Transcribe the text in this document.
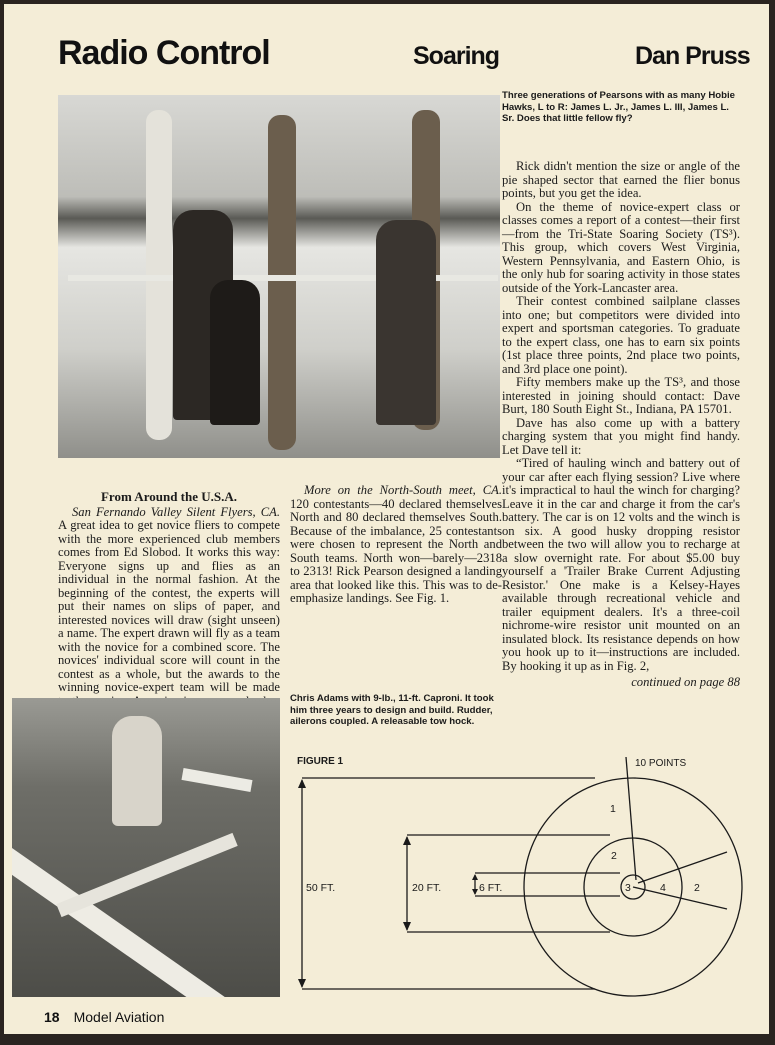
Radio Control	Soaring	Dan Pruss
Three generations of Pearsons with as many Hobie Hawks, L to R: James L. Jr., James L. III, James L. Sr. Does that little fellow fly?
From Around the U.S.A.

San Fernando Valley Silent Flyers, CA. A great idea to get novice fliers to compete with the more experienced club members comes from Ed Slobod. It works this way: Everyone signs up and flies as an individual in the normal fashion. At the beginning of the contest, the experts will put their names on slips of paper, and interested novices will draw (sight unseen) a name. The expert drawn will fly as a team with the novice for a combined score. The novices' individual score will count in the contest as a whole, but the awards to the winning novice-expert team will be made

More on the North-South meet, CA. 120 contestants—40 declared themselves North and 80 declared themselves South. Because of the imbalance, 25 contestants were chosen to represent the North and South teams. North won—barely—2318 to 2313! Rick Pearson designed a landing area that looked like this. This was to de-emphasize landings. See Fig. 1.

Rick didn't mention the size or angle of the pie shaped sector that earned the flier bonus points, but you get the idea.

On the theme of novice-expert class or classes comes a report of a contest—their first—from the Tri-State Soaring Society (TS³). This group, which covers West Virginia, Western Pennsylvania, and Eastern Ohio, is the only hub for soaring activity in those states outside of the York-Lancaster area.

Their contest combined sailplane classes into one; but competitors were divided into expert and sportsman categories. To graduate to the expert class, one has to earn six points (1st place three points, 2nd place two points, and 3rd place one point).

Fifty members make up the TS³, and those interested in joining should contact: Dave Burt, 180 South Eight St., Indiana, PA 15701.

Dave has also come up with a battery charging system that you might find handy. Let Dave tell it:

“Tired of hauling winch and battery out of your car after each flying session? Live where it's impractical to haul the winch for charging? Leave it in the car and charge it from the car's battery. The car is on 12 volts and the winch is on six. A good husky dropping resistor between the two will allow you to recharge at a slow overnight rate. For about $5.00 buy yourself a 'Trailer Brake Current Adjusting Resistor.' One make is a Kelsey-Hayes available through recreational vehicle and trailer equipment dealers. It's a three-coil nichrome-wire resistor unit mounted on an insulated block. Its resistance depends on how you hook up to it—instructions are included. By hooking it up as in Fig. 2,

continued on page 88
Chris Adams with 9-lb., 11-ft. Caproni. It took him three years to design and build. Rudder, ailerons coupled. A releasable tow hock.
FIGURE 1	10 POINTS
50 FT.	20 FT.	6 FT.
1
2
3	4	2
18 Model Aviation
